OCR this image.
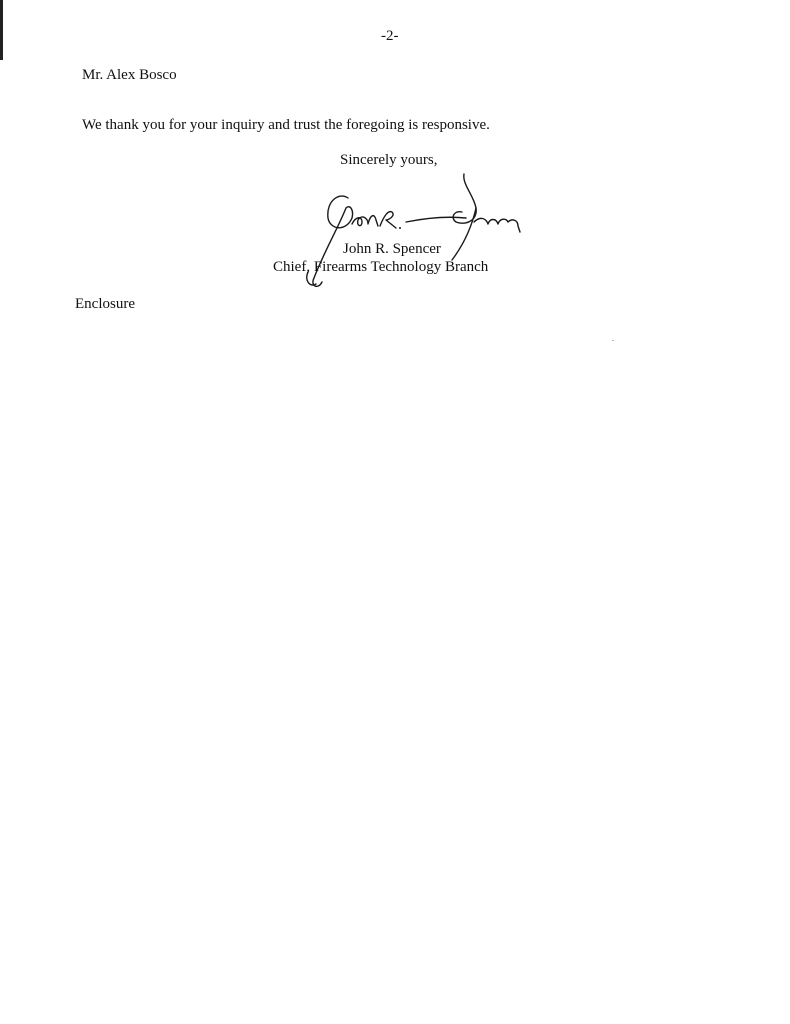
-2-
Mr. Alex Bosco
We thank you for your inquiry and trust the foregoing is responsive.
Sincerely yours,
John R. Spencer
Chief, Firearms Technology Branch
Enclosure
